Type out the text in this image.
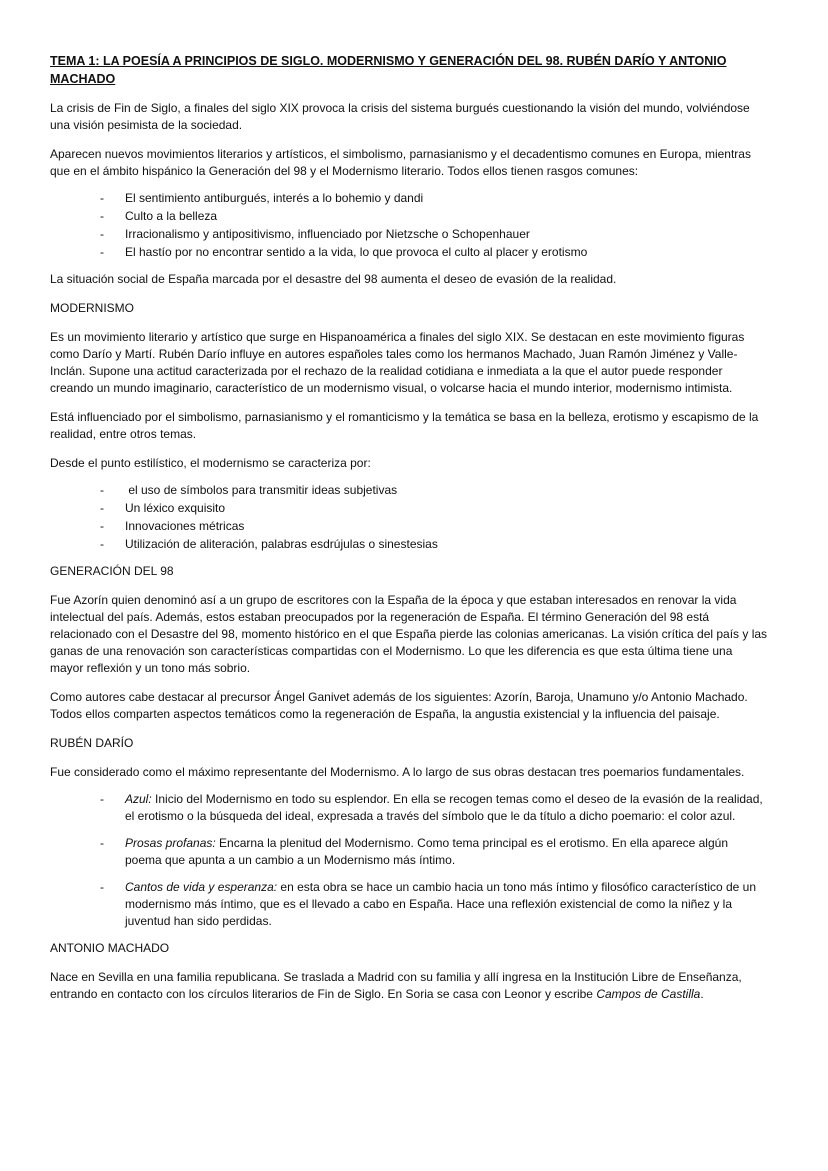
TEMA 1: LA POESÍA A PRINCIPIOS DE SIGLO. MODERNISMO Y GENERACIÓN DEL 98. RUBÉN DARÍO Y ANTONIO MACHADO

La crisis de Fin de Siglo, a finales del siglo XIX provoca la crisis del sistema burgués cuestionando la visión del mundo, volviéndose una visión pesimista de la sociedad.

Aparecen nuevos movimientos literarios y artísticos, el simbolismo, parnasianismo y el decadentismo comunes en Europa, mientras que en el ámbito hispánico la Generación del 98 y el Modernismo literario. Todos ellos tienen rasgos comunes:

- El sentimiento antiburgués, interés a lo bohemio y dandi
- Culto a la belleza
- Irracionalismo y antipositivismo, influenciado por Nietzsche o Schopenhauer
- El hastío por no encontrar sentido a la vida, lo que provoca el culto al placer y erotismo

La situación social de España marcada por el desastre del 98 aumenta el deseo de evasión de la realidad.

MODERNISMO

Es un movimiento literario y artístico que surge en Hispanoamérica a finales del siglo XIX. Se destacan en este movimiento figuras como Darío y Martí. Rubén Darío influye en autores españoles tales como los hermanos Machado, Juan Ramón Jiménez y Valle-Inclán. Supone una actitud caracterizada por el rechazo de la realidad cotidiana e inmediata a la que el autor puede responder creando un mundo imaginario, característico de un modernismo visual, o volcarse hacia el mundo interior, modernismo intimista.

Está influenciado por el simbolismo, parnasianismo y el romanticismo y la temática se basa en la belleza, erotismo y escapismo de la realidad, entre otros temas.

Desde el punto estilístico, el modernismo se caracteriza por:

- el uso de símbolos para transmitir ideas subjetivas
- Un léxico exquisito
- Innovaciones métricas
- Utilización de aliteración, palabras esdrújulas o sinestesias

GENERACIÓN DEL 98

Fue Azorín quien denominó así a un grupo de escritores con la España de la época y que estaban interesados en renovar la vida intelectual del país. Además, estos estaban preocupados por la regeneración de España. El término Generación del 98 está relacionado con el Desastre del 98, momento histórico en el que España pierde las colonias americanas. La visión crítica del país y las ganas de una renovación son características compartidas con el Modernismo. Lo que les diferencia es que esta última tiene una mayor reflexión y un tono más sobrio.

Como autores cabe destacar al precursor Ángel Ganivet además de los siguientes: Azorín, Baroja, Unamuno y/o Antonio Machado. Todos ellos comparten aspectos temáticos como la regeneración de España, la angustia existencial y la influencia del paisaje.

RUBÉN DARÍO

Fue considerado como el máximo representante del Modernismo. A lo largo de sus obras destacan tres poemarios fundamentales.

- Azul: Inicio del Modernismo en todo su esplendor. En ella se recogen temas como el deseo de la evasión de la realidad, el erotismo o la búsqueda del ideal, expresada a través del símbolo que le da título a dicho poemario: el color azul.
- Prosas profanas: Encarna la plenitud del Modernismo. Como tema principal es el erotismo. En ella aparece algún poema que apunta a un cambio a un Modernismo más íntimo.
- Cantos de vida y esperanza: en esta obra se hace un cambio hacia un tono más íntimo y filosófico característico de un modernismo más íntimo, que es el llevado a cabo en España. Hace una reflexión existencial de como la niñez y la juventud han sido perdidas.

ANTONIO MACHADO

Nace en Sevilla en una familia republicana. Se traslada a Madrid con su familia y allí ingresa en la Institución Libre de Enseñanza, entrando en contacto con los círculos literarios de Fin de Siglo. En Soria se casa con Leonor y escribe Campos de Castilla.
